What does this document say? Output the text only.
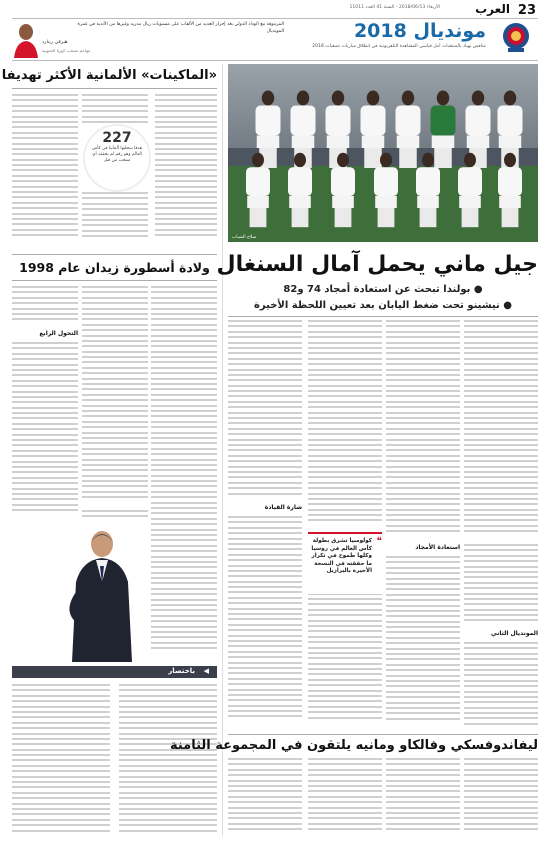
23
العرب
الأربعاء 2018/06/13 - السنة 41 العدد 11011
مونديال 2018
منافس بهياد بالمنتخبات أمل قياسي المشاهدة التلفزيونية في انطلاق مباريات تصفيات 2018
المرموقة مع الوداد الدولي بعد إحراز العديد من الألقاب على مستويات ريال مدريد وغيرها من الأندية في غمرة المونديال
هيرفي رينارد
مهاجم منتخب كوريا الجنوبية
«الماكينات» الألمانية الأكثر تهديفا
227
هدفا سجلتها ألمانيا في كأس العالم وهو رقم لم يحققه أي منتخب من قبل
ولادة أسطورة زيدان عام 1998
التحول الرابع
باختصار ◀
سلاح الشباب
جيل ماني يحمل آمال السنغال
● بولندا تبحث عن استعادة أمجاد 74 و82
● نيشينو تحت ضغط اليابان بعد تعيين اللحظة الأخيرة
المونديال الثاني
استعادة الأمجاد
❝
كولومبيا تشرق بطولة كأس العالم في روسيا وكلها طموح في تكرار ما حققته في النسخة الأخيرة بالبرازيل
شارة القيادة
ليفاندوفسكي وفالكاو ومانيه يلتقون في المجموعة الثامنة
